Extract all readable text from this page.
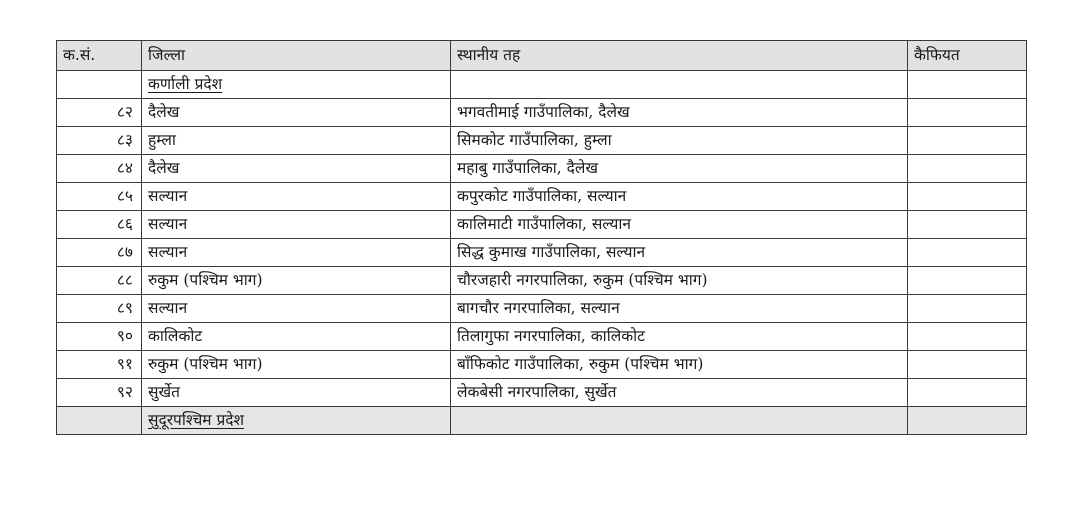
क.सं.	जिल्ला	स्थानीय तह	कैफियत
	कर्णाली प्रदेश		
८२	दैलेख	भगवतीमाई गाउँपालिका, दैलेख	
८३	हुम्ला	सिमकोट गाउँपालिका, हुम्ला	
८४	दैलेख	महाबु गाउँपालिका, दैलेख	
८५	सल्यान	कपुरकोट गाउँपालिका, सल्यान	
८६	सल्यान	कालिमाटी गाउँपालिका, सल्यान	
८७	सल्यान	सिद्ध कुमाख गाउँपालिका, सल्यान	
८८	रुकुम (पश्चिम भाग)	चौरजहारी नगरपालिका, रुकुम (पश्चिम भाग)	
८९	सल्यान	बागचौर नगरपालिका, सल्यान	
९०	कालिकोट	तिलागुफा नगरपालिका, कालिकोट	
९१	रुकुम (पश्चिम भाग)	बाँफिकोट गाउँपालिका, रुकुम (पश्चिम भाग)	
९२	सुर्खेत	लेकबेसी नगरपालिका, सुर्खेत	
	सुदूरपश्चिम प्रदेश		
